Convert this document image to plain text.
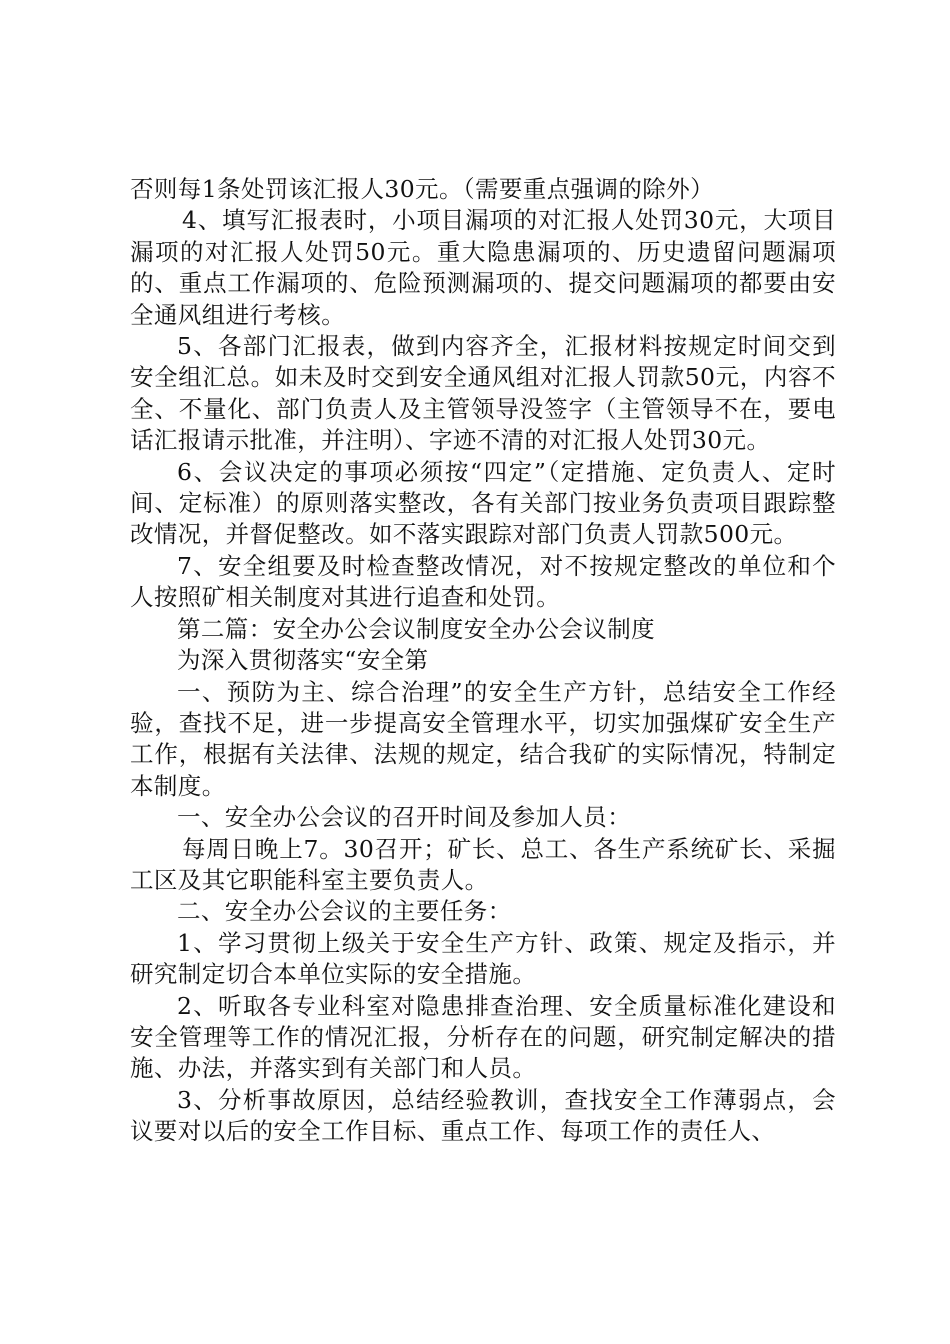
否则每1条处罚该汇报人30元。（需要重点强调的除外）

4、填写汇报表时，小项目漏项的对汇报人处罚30元，大项目漏项的对汇报人处罚50元。重大隐患漏项的、历史遗留问题漏项的、重点工作漏项的、危险预测漏项的、提交问题漏项的都要由安全通风组进行考核。

5、各部门汇报表，做到内容齐全，汇报材料按规定时间交到安全组汇总。如未及时交到安全通风组对汇报人罚款50元，内容不全、不量化、部门负责人及主管领导没签字（主管领导不在，要电话汇报请示批准，并注明）、字迹不清的对汇报人处罚30元。

6、会议决定的事项必须按“四定”（定措施、定负责人、定时间、定标准）的原则落实整改，各有关部门按业务负责项目跟踪整改情况，并督促整改。如不落实跟踪对部门负责人罚款500元。

7、安全组要及时检查整改情况，对不按规定整改的单位和个人按照矿相关制度对其进行追查和处罚。

第二篇：安全办公会议制度安全办公会议制度

为深入贯彻落实“安全第

一、预防为主、综合治理”的安全生产方针，总结安全工作经验，查找不足，进一步提高安全管理水平，切实加强煤矿安全生产工作，根据有关法律、法规的规定，结合我矿的实际情况，特制定本制度。

一、安全办公会议的召开时间及参加人员：

每周日晚上7。30召开；矿长、总工、各生产系统矿长、采掘工区及其它职能科室主要负责人。

二、安全办公会议的主要任务：

1、学习贯彻上级关于安全生产方针、政策、规定及指示，并研究制定切合本单位实际的安全措施。

2、听取各专业科室对隐患排查治理、安全质量标准化建设和安全管理等工作的情况汇报，分析存在的问题，研究制定解决的措施、办法，并落实到有关部门和人员。

3、分析事故原因，总结经验教训，查找安全工作薄弱点，会议要对以后的安全工作目标、重点工作、每项工作的责任人、
